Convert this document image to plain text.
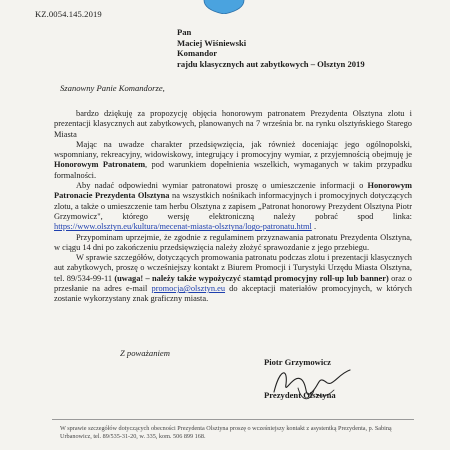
KZ.0054.145.2019
Pan
Maciej Wiśniewski
Komandor
rajdu klasycznych aut zabytkowych – Olsztyn 2019
Szanowny Panie Komandorze,

bardzo dziękuję za propozycję objęcia honorowym patronatem Prezydenta Olsztyna zlotu i prezentacji klasycznych aut zabytkowych, planowanych na 7 września br. na rynku olsztyńskiego Starego Miasta

Mając na uwadze charakter przedsięwzięcia, jak również doceniając jego ogólnopolski, wspomniany, rekreacyjny, widowiskowy, integrujący i promocyjny wymiar, z przyjemnością obejmuję je Honorowym Patronatem, pod warunkiem dopełnienia wszelkich, wymaganych w takim przypadku formalności.

Aby nadać odpowiedni wymiar patronatowi proszę o umieszczenie informacji o Honorowym Patronacie Prezydenta Olsztyna na wszystkich nośnikach informacyjnych i promocyjnych dotyczących zlotu, a także o umieszczenie tam herbu Olsztyna z zapisem „Patronat honorowy Prezydent Olsztyna Piotr Grzymowicz", którego wersję elektroniczną należy pobrać spod linka: https://www.olsztyn.eu/kultura/mecenat-miasta-olsztyna/logo-patronatu.html .

Przypominam uprzejmie, że zgodnie z regulaminem przyznawania patronatu Prezydenta Olsztyna, w ciągu 14 dni po zakończeniu przedsięwzięcia należy złożyć sprawozdanie z jego przebiegu.

W sprawie szczegółów, dotyczących promowania patronatu podczas zlotu i prezentacji klasycznych aut zabytkowych, proszę o wcześniejszy kontakt z Biurem Promocji i Turystyki Urzędu Miasta Olsztyna, tel. 89/534-99-11 (uwaga! – należy także wypożyczyć stamtąd promocyjny roll-up lub banner) oraz o przesłanie na adres e-mail promocja@olsztyn.eu do akceptacji materiałów promocyjnych, w których zostanie wykorzystany znak graficzny miasta.

Z poważaniem
Piotr Grzymowicz
Prezydent Olsztyna
W sprawie szczegółów dotyczących obecności Prezydenta Olsztyna proszę o wcześniejszy kontakt z asystentką Prezydenta, p. Sabiną Urbanowicz, tel. 89/535-31-20, w. 335, kom. 506 899 168.
